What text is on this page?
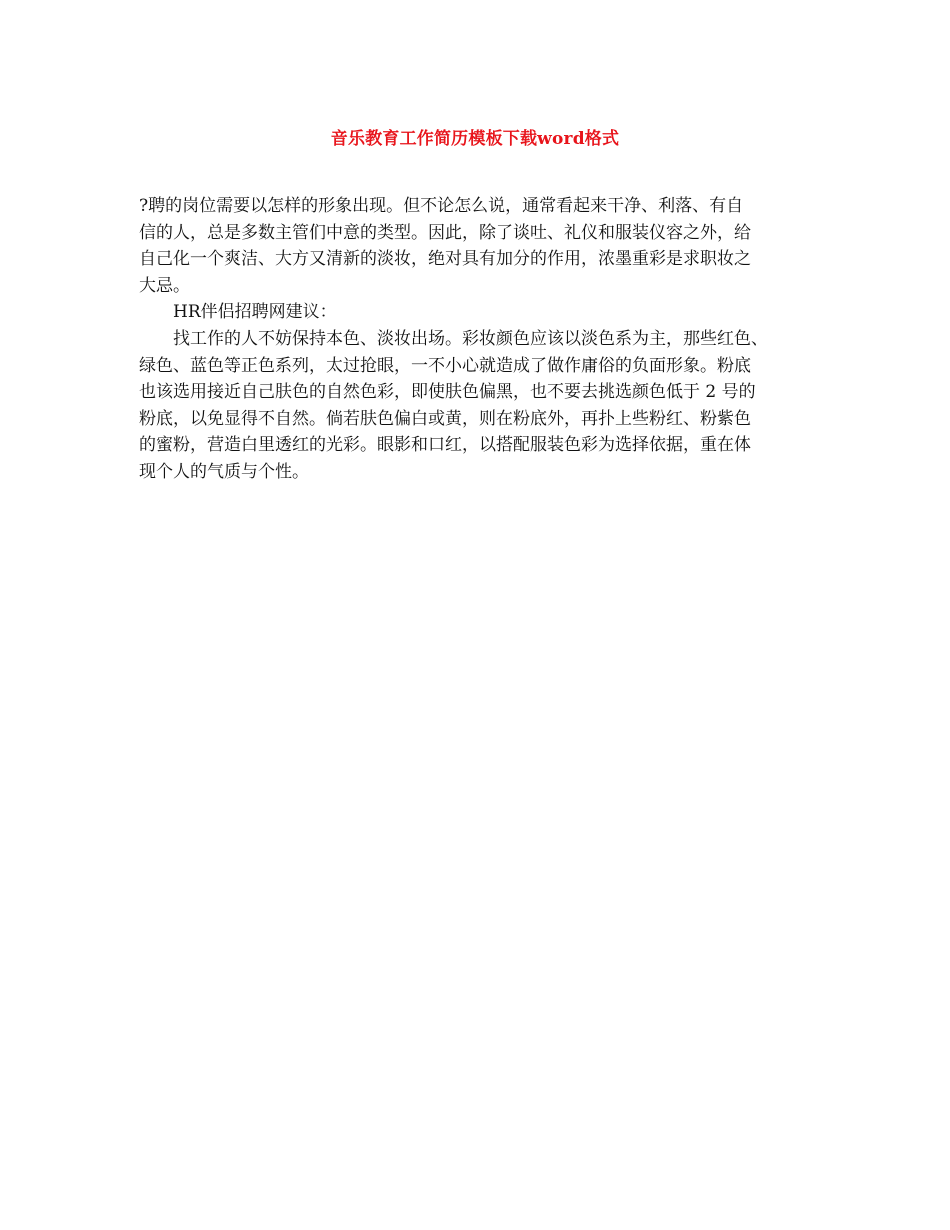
音乐教育工作简历模板下载word格式
?聘的岗位需要以怎样的形象出现。但不论怎么说，通常看起来干净、利落、有自
信的人，总是多数主管们中意的类型。因此，除了谈吐、礼仪和服装仪容之外，给
自己化一个爽洁、大方又清新的淡妆，绝对具有加分的作用，浓墨重彩是求职妆之
大忌。
HR伴侣招聘网建议：
找工作的人不妨保持本色、淡妆出场。彩妆颜色应该以淡色系为主，那些红色、
绿色、蓝色等正色系列，太过抢眼，一不小心就造成了做作庸俗的负面形象。粉底
也该选用接近自己肤色的自然色彩，即使肤色偏黑，也不要去挑选颜色低于 2 号的
粉底，以免显得不自然。倘若肤色偏白或黄，则在粉底外，再扑上些粉红、粉紫色
的蜜粉，营造白里透红的光彩。眼影和口红，以搭配服装色彩为选择依据，重在体
现个人的气质与个性。
